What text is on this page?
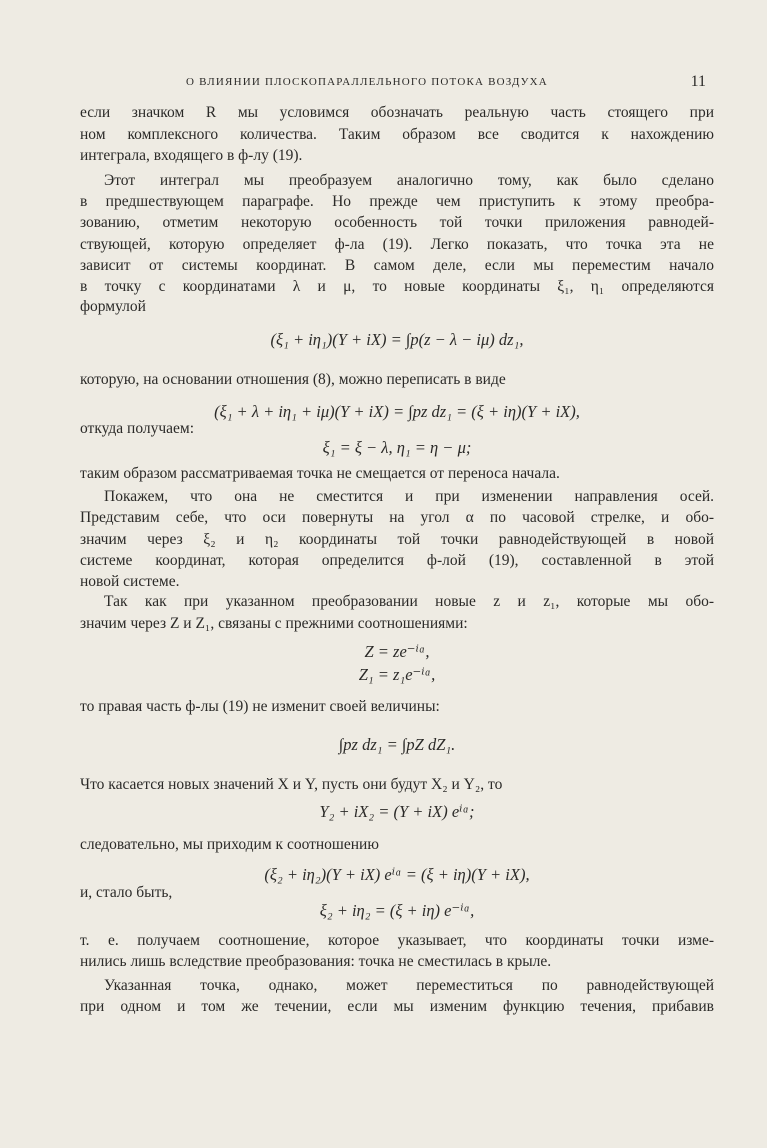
О ВЛИЯНИИ ПЛОСКОПАРАЛЛЕЛЬНОГО ПОТОКА ВОЗДУХА	11
если значком R мы условимся обозначать реальную часть стоящего при
ном комплексного количества. Таким образом все сводится к нахождению
интеграла, входящего в ф-лу (19).
Этот интеграл мы преобразуем аналогично тому, как было сделано
в предшествующем параграфе. Но прежде чем приступить к этому преобра-
зованию, отметим некоторую особенность той точки приложения равнодей-
ствующей, которую определяет ф-ла (19). Легко показать, что точка эта не
зависит от системы координат. В самом деле, если мы переместим начало
в точку с координатами λ и μ, то новые координаты ξ₁, η₁ определяются
формулой
(ξ₁ + iη₁)(Y + iX) = ∫p(z − λ − iμ) dz₁,
которую, на основании отношения (8), можно переписать в виде
(ξ₁ + λ + iη₁ + iμ)(Y + iX) = ∫pz dz₁ = (ξ + iη)(Y + iX),
откуда получаем:
ξ₁ = ξ − λ, η₁ = η − μ;
таким образом рассматриваемая точка не смещается от переноса начала.
Покажем, что она не сместится и при изменении направления осей.
Представим себе, что оси повернуты на угол α по часовой стрелке, и обо-
значим через ξ₂ и η₂ координаты той точки равнодействующей в новой
системе координат, которая определится ф-лой (19), составленной в этой
новой системе.
Так как при указанном преобразовании новые z и z₁, которые мы обо-
значим через Z и Z₁, связаны с прежними соотношениями:
Z = ze⁻ⁱᵅ,
Z₁ = z₁e⁻ⁱᵅ,
то правая часть ф-лы (19) не изменит своей величины:
∫pz dz₁ = ∫pZ dZ₁.
Что касается новых значений X и Y, пусть они будут X₂ и Y₂, то
Y₂ + iX₂ = (Y + iX) eⁱᵅ;
следовательно, мы приходим к соотношению
(ξ₂ + iη₂)(Y + iX) eⁱᵅ = (ξ + iη)(Y + iX),
и, стало быть,
ξ₂ + iη₂ = (ξ + iη) e⁻ⁱᵅ,
т. е. получаем соотношение, которое указывает, что координаты точки изме-
нились лишь вследствие преобразования: точка не сместилась в крыле.
Указанная точка, однако, может переместиться по равнодействующей
при одном и том же течении, если мы изменим функцию течения, прибавив
